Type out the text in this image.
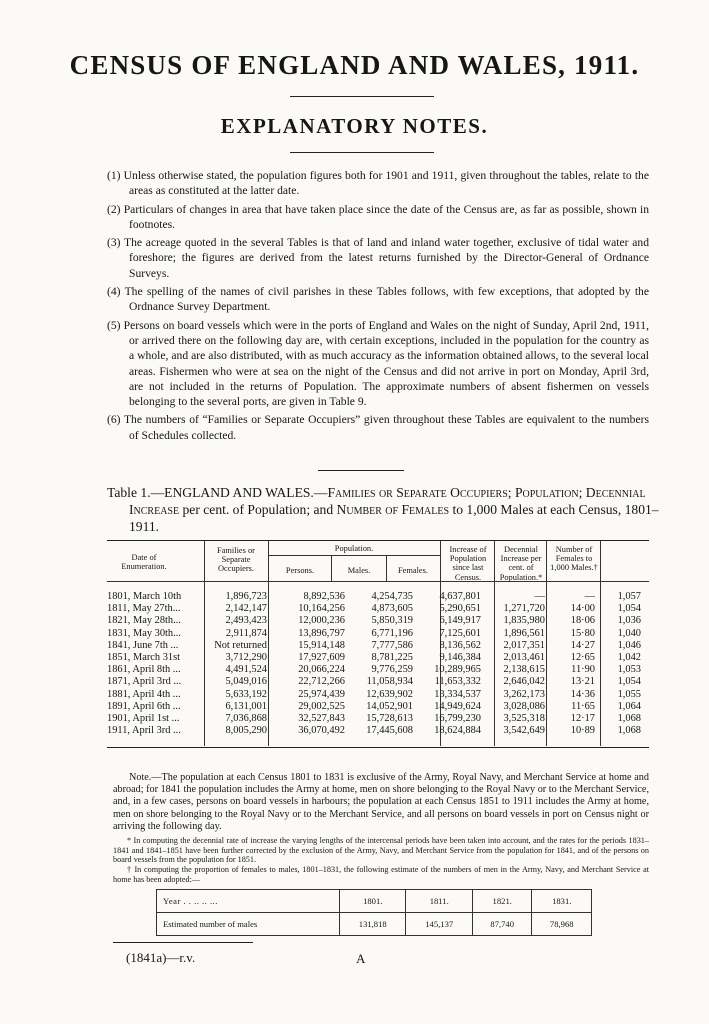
CENSUS OF ENGLAND AND WALES, 1911.
EXPLANATORY NOTES.
(1) Unless otherwise stated, the population figures both for 1901 and 1911, given throughout the tables, relate to the areas as constituted at the latter date.
(2) Particulars of changes in area that have taken place since the date of the Census are, as far as possible, shown in footnotes.
(3) The acreage quoted in the several Tables is that of land and inland water together, exclusive of tidal water and foreshore; the figures are derived from the latest returns furnished by the Director-General of Ordnance Surveys.
(4) The spelling of the names of civil parishes in these Tables follows, with few exceptions, that adopted by the Ordnance Survey Department.
(5) Persons on board vessels which were in the ports of England and Wales on the night of Sunday, April 2nd, 1911, or arrived there on the following day are, with certain exceptions, included in the population for the country as a whole, and are also distributed, with as much accuracy as the information obtained allows, to the several local areas. Fishermen who were at sea on the night of the Census and did not arrive in port on Monday, April 3rd, are not included in the returns of Population. The approximate numbers of absent fishermen on vessels belonging to the several ports, are given in Table 9.
(6) The numbers of “Families or Separate Occupiers” given throughout these Tables are equivalent to the numbers of Schedules collected.
Table 1.—ENGLAND AND WALES.—Families or Separate Occupiers; Population; Decennial Increase per cent. of Population; and Number of Females to 1,000 Males at each Census, 1801–1911.
Date of Enumeration.
Families or Separate Occupiers.
Population.
Persons.	Males.	Females.
Increase of Population since last Census.
Decennial Increase per cent. of Population.*
Number of Females to 1,000 Males.†
1801, March 10th	1,896,723	8,892,536	4,254,735	4,637,801	—	—	1,057
1811, May 27th...	2,142,147	10,164,256	4,873,605	5,290,651	1,271,720	14·00	1,054
1821, May 28th...	2,493,423	12,000,236	5,850,319	6,149,917	1,835,980	18·06	1,036
1831, May 30th...	2,911,874	13,896,797	6,771,196	7,125,601	1,896,561	15·80	1,040
1841, June 7th ...	Not returned	15,914,148	7,777,586	8,136,562	2,017,351	14·27	1,046
1851, March 31st	3,712,290	17,927,609	8,781,225	9,146,384	2,013,461	12·65	1,042
1861, April 8th ...	4,491,524	20,066,224	9,776,259	10,289,965	2,138,615	11·90	1,053
1871, April 3rd ...	5,049,016	22,712,266	11,058,934	11,653,332	2,646,042	13·21	1,054
1881, April 4th ...	5,633,192	25,974,439	12,639,902	13,334,537	3,262,173	14·36	1,055
1891, April 6th ...	6,131,001	29,002,525	14,052,901	14,949,624	3,028,086	11·65	1,064
1901, April 1st ...	7,036,868	32,527,843	15,728,613	16,799,230	3,525,318	12·17	1,068
1911, April 3rd ...	8,005,290	36,070,492	17,445,608	18,624,884	3,542,649	10·89	1,068
Note.—The population at each Census 1801 to 1831 is exclusive of the Army, Royal Navy, and Merchant Service at home and abroad; for 1841 the population includes the Army at home, men on shore belonging to the Royal Navy or to the Merchant Service, and, in a few cases, persons on board vessels in harbours; the population at each Census 1851 to 1911 includes the Army at home, men on shore belonging to the Royal Navy or to the Merchant Service, and all persons on board vessels in port on Census night or arriving the following day.
* In computing the decennial rate of increase the varying lengths of the intercensal periods have been taken into account, and the rates for the periods 1831–1841 and 1841–1851 have been further corrected by the exclusion of the Army, Navy, and Merchant Service from the population for 1841, and of the persons on board vessels from the population for 1851.
† In computing the proportion of females to males, 1801–1831, the following estimate of the numbers of men in the Army, Navy, and Merchant Service at home has been adopted:—
Year . . .. .. ...	1801.	1811.	1821.	1831.
Estimated number of males	131,818	145,137	87,740	78,968
(1841a)—r.v.	A
